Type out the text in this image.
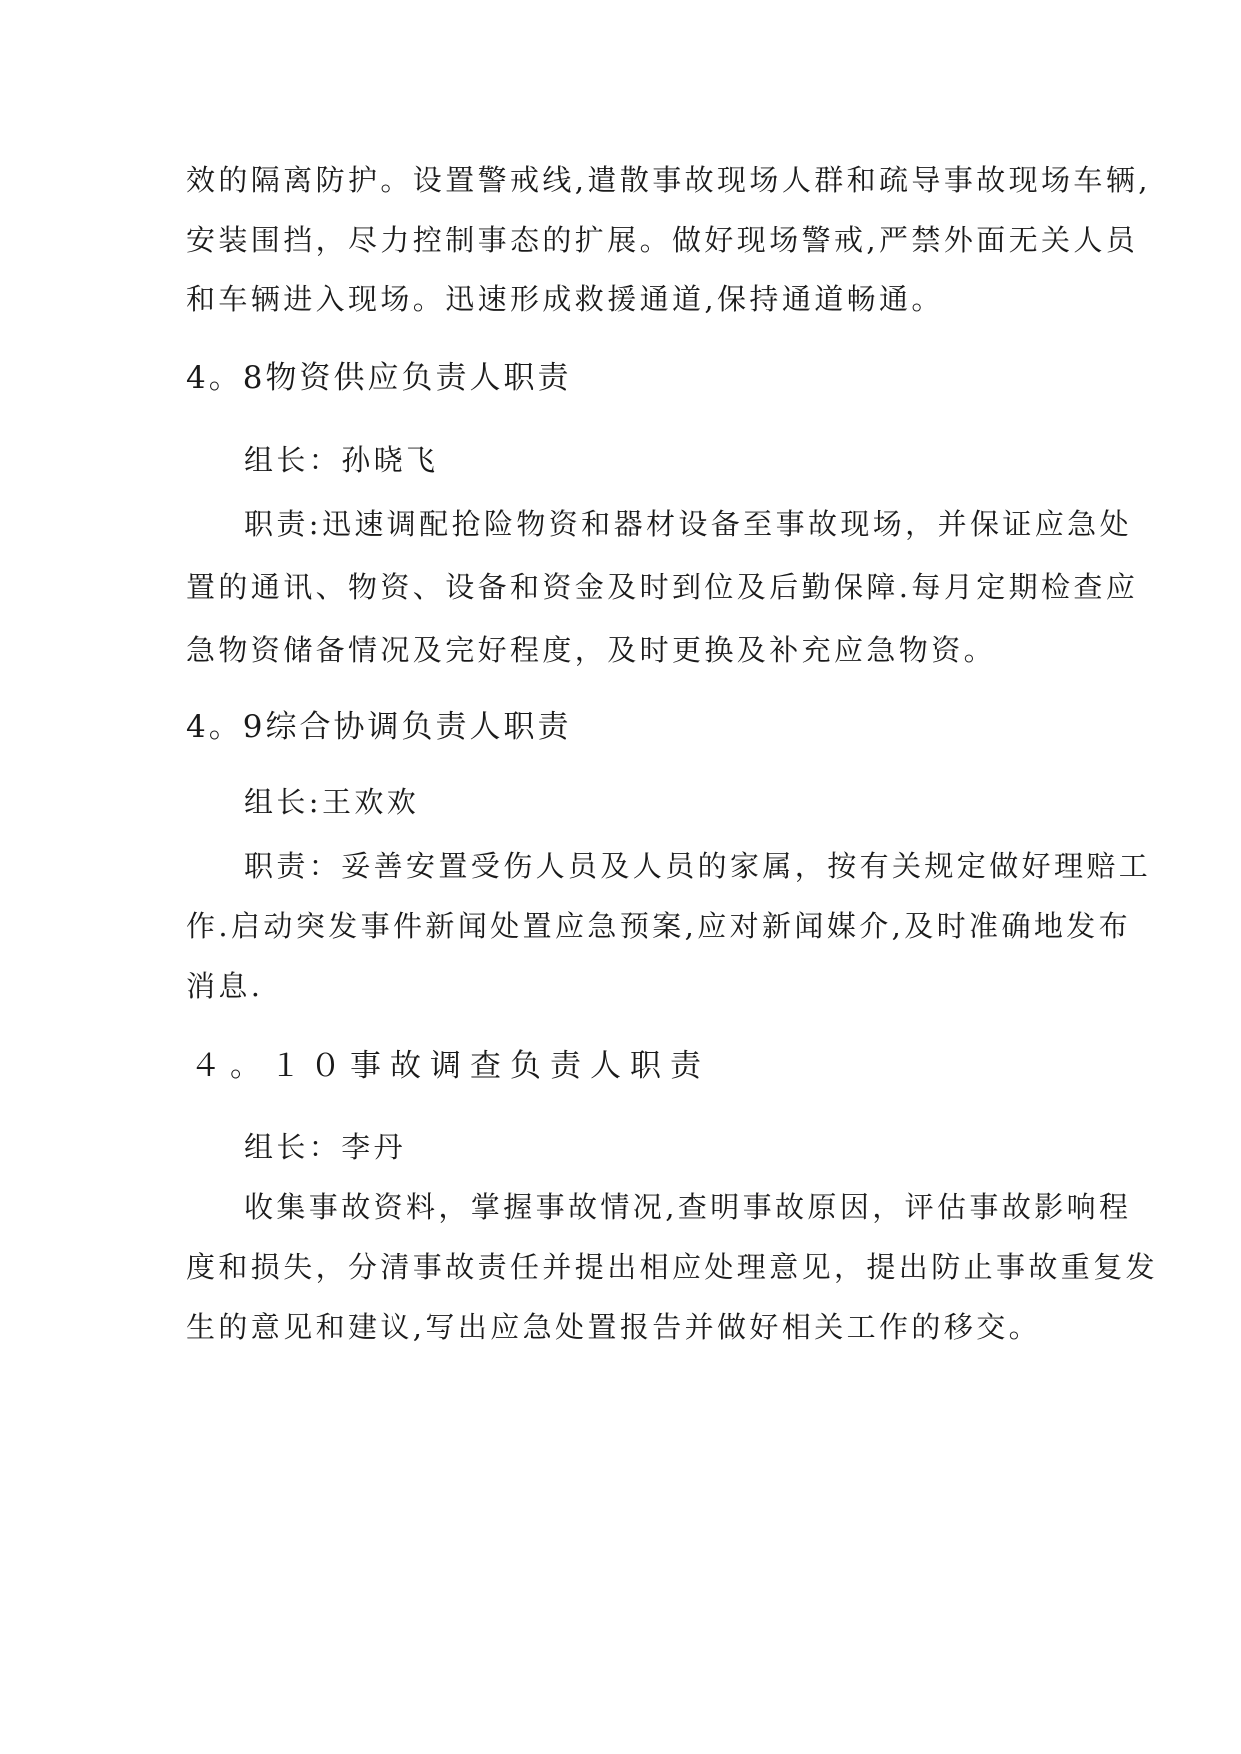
效的隔离防护。设置警戒线,遣散事故现场人群和疏导事故现场车辆,
安装围挡，尽力控制事态的扩展。做好现场警戒,严禁外面无关人员
和车辆进入现场。迅速形成救援通道,保持通道畅通。
4。8物资供应负责人职责
组长：孙晓飞
职责:迅速调配抢险物资和器材设备至事故现场，并保证应急处
置的通讯、物资、设备和资金及时到位及后勤保障.每月定期检查应
急物资储备情况及完好程度，及时更换及补充应急物资。
4。9综合协调负责人职责
组长:王欢欢
职责：妥善安置受伤人员及人员的家属，按有关规定做好理赔工
作.启动突发事件新闻处置应急预案,应对新闻媒介,及时准确地发布
消息.
４。１０事故调查负责人职责
组长：李丹
收集事故资料，掌握事故情况,查明事故原因，评估事故影响程
度和损失，分清事故责任并提出相应处理意见，提出防止事故重复发
生的意见和建议,写出应急处置报告并做好相关工作的移交。
